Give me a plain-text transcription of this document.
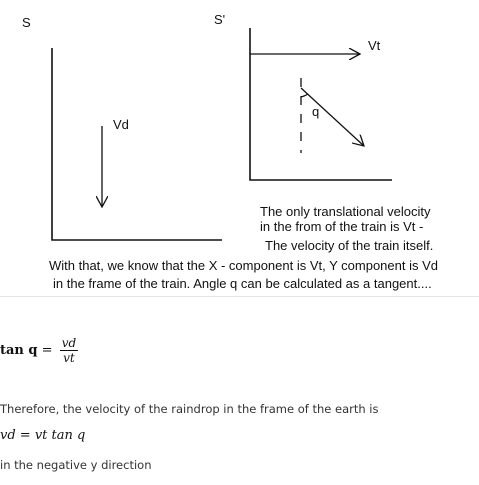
S	S'
Vd
Vt
q
The only translational velocity
in the from of the train is Vt -
The velocity of the train itself.
With that, we know that the X - component is Vt, Y component is Vd
in the frame of the train. Angle q can be calculated as a tangent....
$\tan q = \frac{vd}{vt}$
Therefore, the velocity of the raindrop in the frame of the earth is
vd = vt tan q
in the negative y direction
